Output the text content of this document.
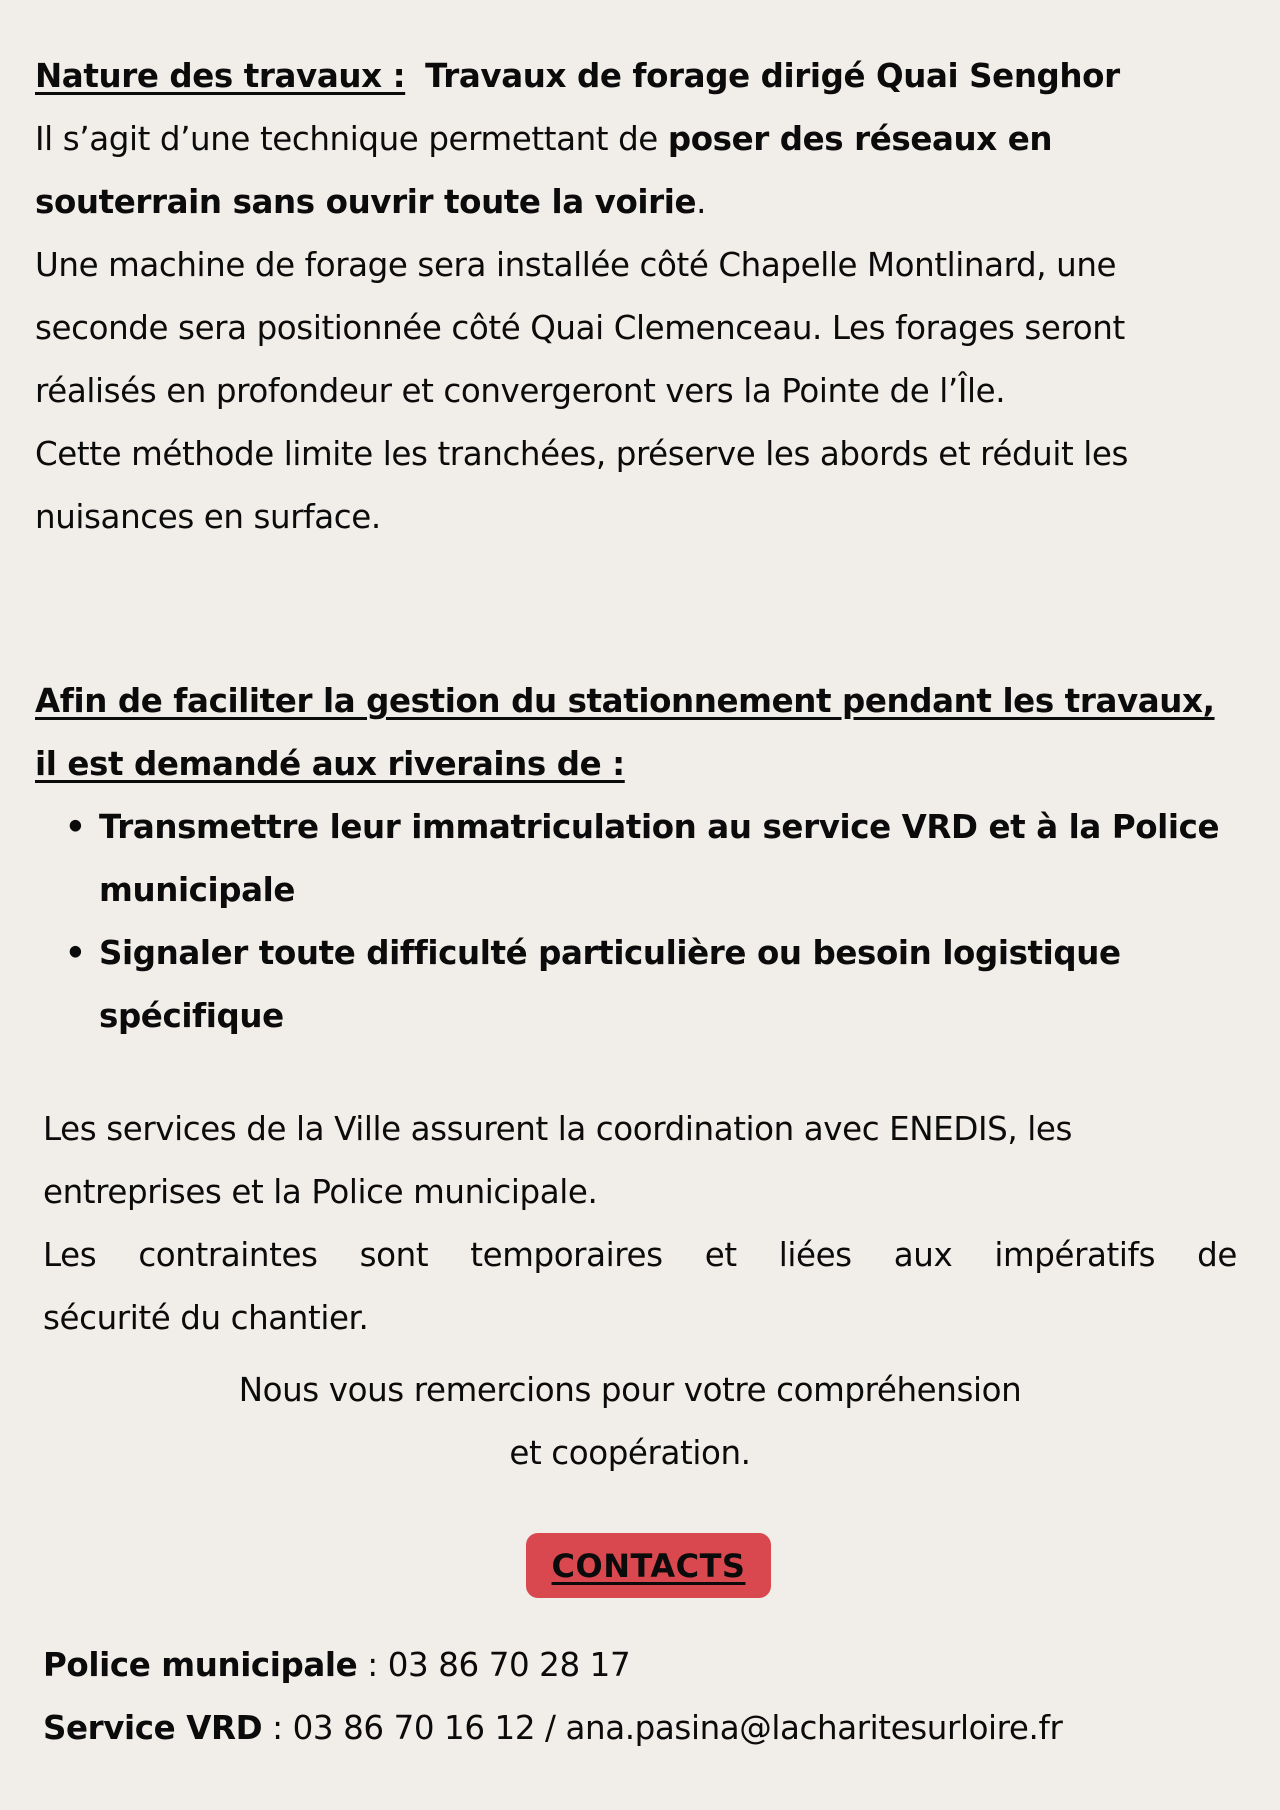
Nature des travaux : Travaux de forage dirigé Quai Senghor

Il s’agit d’une technique permettant de poser des réseaux en souterrain sans ouvrir toute la voirie.

Une machine de forage sera installée côté Chapelle Montlinard, une seconde sera positionnée côté Quai Clemenceau. Les forages seront réalisés en profondeur et convergeront vers la Pointe de l’Île.

Cette méthode limite les tranchées, préserve les abords et réduit les nuisances en surface.

Afin de faciliter la gestion du stationnement pendant les travaux, il est demandé aux riverains de :

• Transmettre leur immatriculation au service VRD et à la Police municipale
• Signaler toute difficulté particulière ou besoin logistique spécifique

Les services de la Ville assurent la coordination avec ENEDIS, les entreprises et la Police municipale.

Les contraintes sont temporaires et liées aux impératifs de

sécurité du chantier.

Nous vous remercions pour votre compréhension

et coopération.

CONTACTS

Police municipale : 03 86 70 28 17

Service VRD : 03 86 70 16 12 / ana.pasina@lacharitesurloire.fr
